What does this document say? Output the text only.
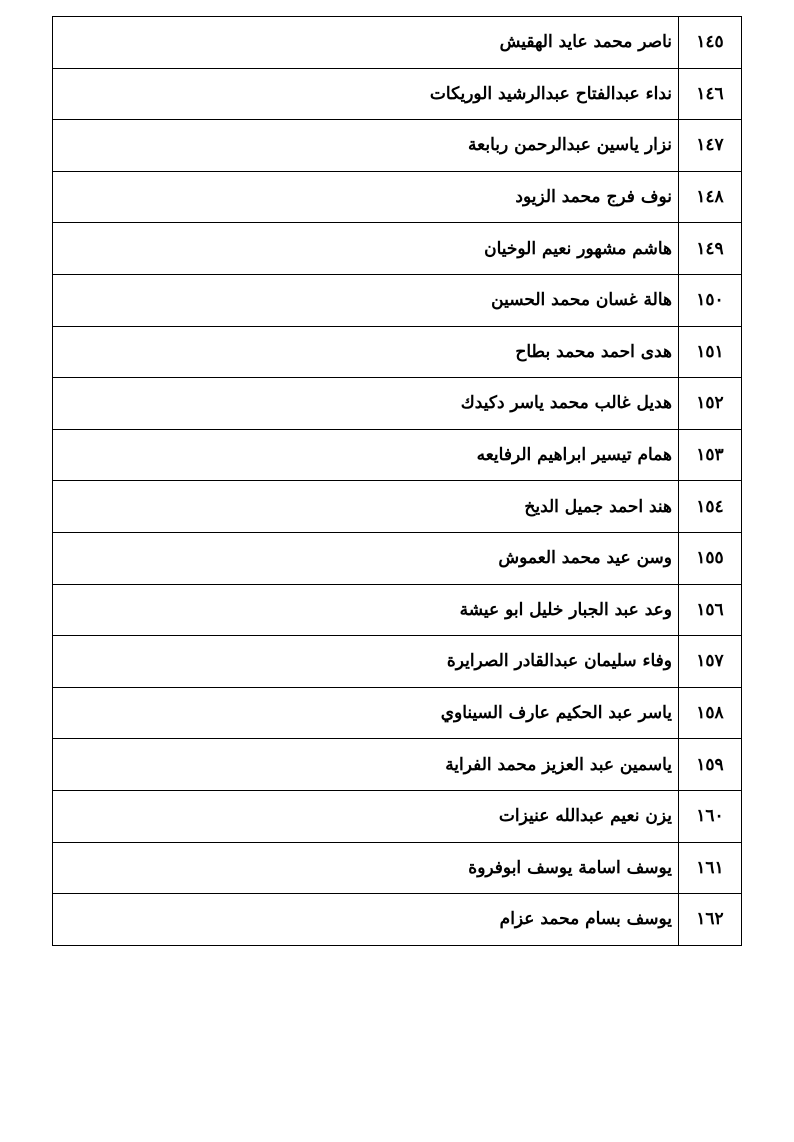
١٤٥	ناصر محمد عايد الهقيش
١٤٦	نداء عبدالفتاح عبدالرشيد الوريكات
١٤٧	نزار ياسين عبدالرحمن ربابعة
١٤٨	نوف فرج محمد الزيود
١٤٩	هاشم مشهور نعيم الوخيان
١٥٠	هالة غسان محمد الحسين
١٥١	هدى احمد محمد بطاح
١٥٢	هديل غالب محمد ياسر دكيدك
١٥٣	همام تيسير ابراهيم الرفايعه
١٥٤	هند احمد جميل الديخ
١٥٥	وسن عيد محمد العموش
١٥٦	وعد عبد الجبار خليل ابو عيشة
١٥٧	وفاء سليمان عبدالقادر الصرايرة
١٥٨	ياسر عبد الحكيم عارف السيناوي
١٥٩	ياسمين عبد العزيز محمد الفراية
١٦٠	يزن نعيم عبدالله عنيزات
١٦١	يوسف اسامة يوسف ابوفروة
١٦٢	يوسف بسام محمد عزام
